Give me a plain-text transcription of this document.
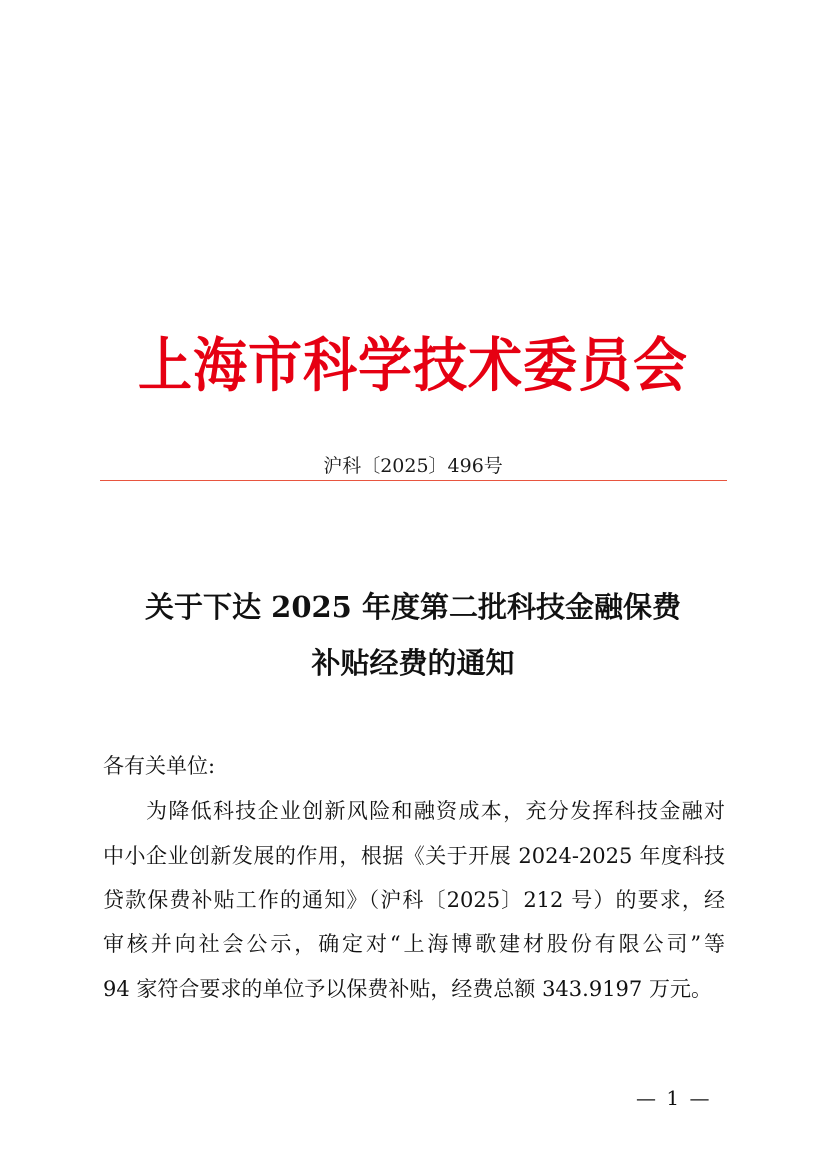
上海市科学技术委员会
沪科〔2025〕496号
关于下达 2025 年度第二批科技金融保费
补贴经费的通知
各有关单位:
为降低科技企业创新风险和融资成本，充分发挥科技金融对
中小企业创新发展的作用，根据《关于开展 2024-2025 年度科技
贷款保费补贴工作的通知》（沪科〔2025〕212 号）的要求，经
审核并向社会公示，确定对“上海博歌建材股份有限公司”等
94 家符合要求的单位予以保费补贴，经费总额 343.9197 万元。
— 1 —
